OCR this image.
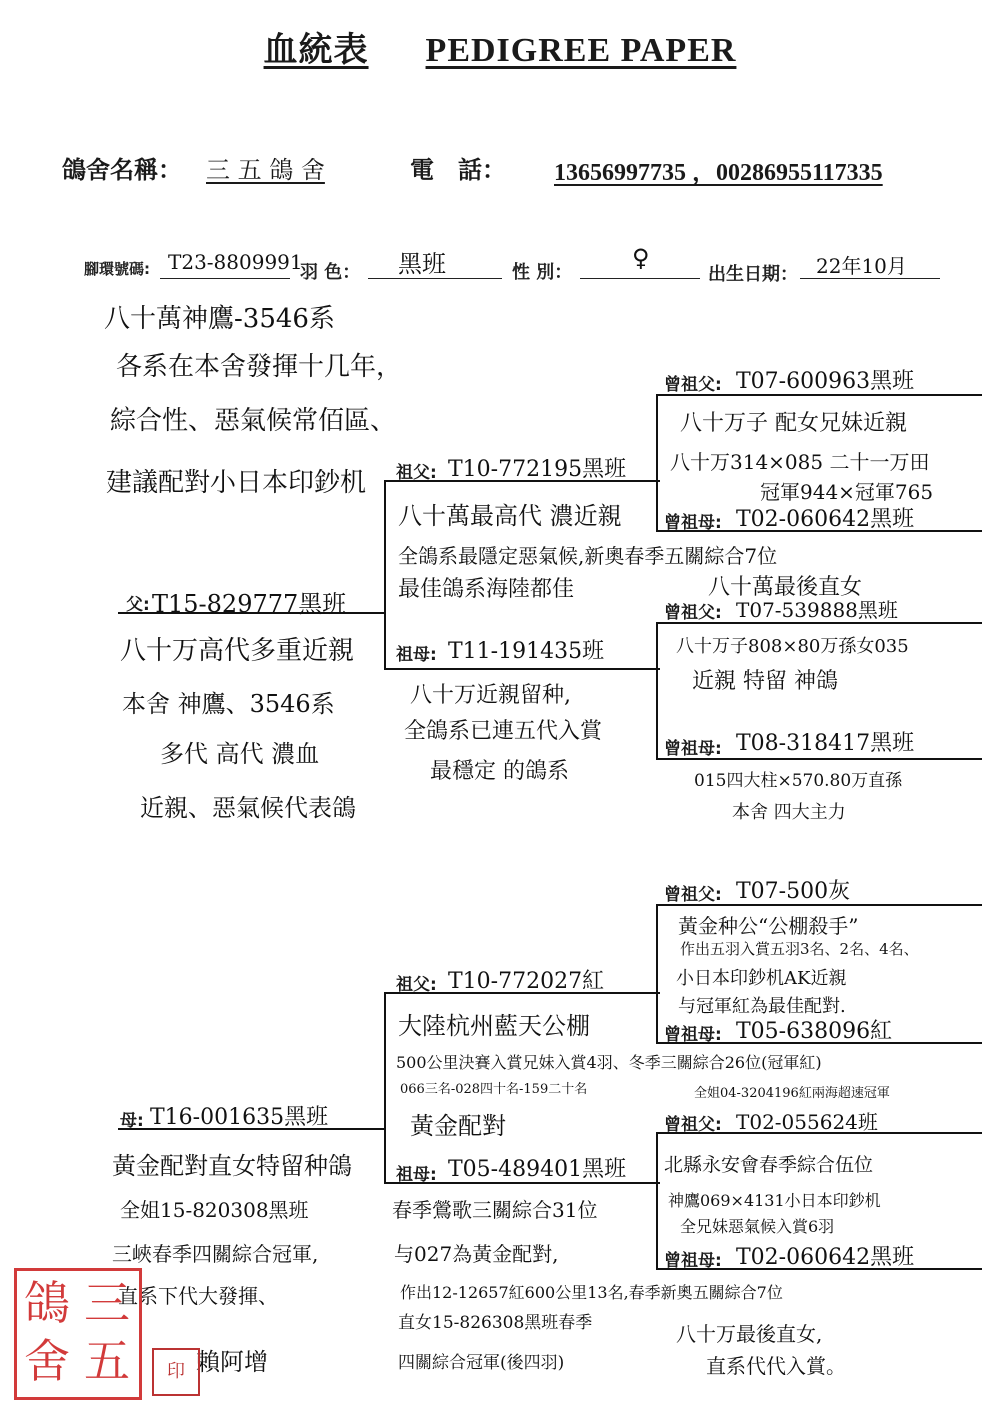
血統表 PEDIGREE PAPER
鴿舍名稱： 三 五 鴿 舍	電　話： 13656997735 ，00286955117335
腳環號碼: T23-8809991
羽 色： 黑班	性 別：
♀
出生日期： 22年10月
八十萬神鷹-3546系
各系在本舍發揮十几年，
綜合性、惡氣候常佰區、
建議配對小日本印鈔机
父: T15-829777黑班
八十万高代多重近親
本舍 神鷹、3546系
多代 高代 濃血
近親、惡氣候代表鴿
祖父: T10-772195黑班
八十萬最高代 濃近親
全鴿系最隱定惡氣候,新奧春季五關綜合7位
最佳鴿系海陸都佳
祖母: T11-191435班
八十万近親留种,
全鴿系已連五代入賞
最穩定 的鴿系
曾祖父: T07-600963黑班
八十万子 配女兄妹近親
八十万314×085 二十一万田
冠軍944×冠軍765
曾祖母: T02-060642黑班
八十萬最後直女
曾祖父: T07-539888黑班
八十万子808×80万孫女035
近親 特留 神鴿
曾祖母: T08-318417黑班
015四大柱×570.80万直孫
本舍 四大主力
母: T16-001635黑班
黃金配對直女特留种鴿
全姐15-820308黑班
三峽春季四關綜合冠軍,
直系下代大發揮、
賴阿增
祖父: T10-772027紅
大陸杭州藍天公棚
500公里決賽入賞兄妹入賞4羽、冬季三關綜合26位(冠軍紅)
066三名-028四十名-159二十名
黃金配對
祖母: T05-489401黑班
春季鶯歌三關綜合31位
与027為黃金配對,
作出12-12657紅600公里13名,春季新奧五關綜合7位
直女15-826308黑班春季
四關綜合冠軍(後四羽)
曾祖父: T07-500灰
黃金种公“公棚殺手”
作出五羽入賞五羽3名、2名、4名、
小日本印鈔机AK近親
与冠軍紅為最佳配對.
曾祖母: T05-638096紅
全姐04-3204196紅兩海超速冠軍
曾祖父: T02-055624班
北縣永安會春季綜合伍位
神鷹069×4131小日本印鈔机
全兄妹惡氣候入賞6羽
曾祖母: T02-060642黑班
八十万最後直女,
直系代代入賞。
鴿 三
舍 五	印
